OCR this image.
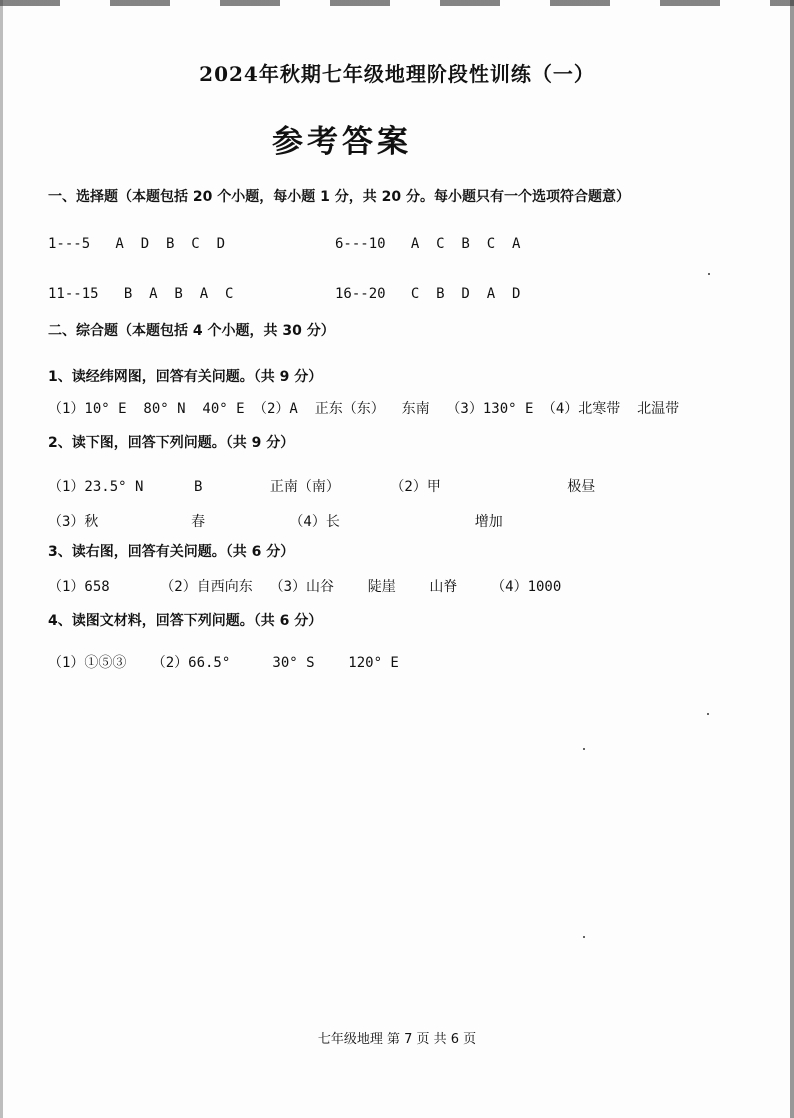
2024年秋期七年级地理阶段性训练（一）
参考答案
一、选择题（本题包括 20 个小题，每小题 1 分，共 20 分。每小题只有一个选项符合题意）
1---5   A  D  B  C  D	6---10   A  C  B  C  A
11--15   B  A  B  A  C	16--20   C  B  D  A  D
二、综合题（本题包括 4 个小题，共 30 分）
1、读经纬网图，回答有关问题。（共 9 分）
（1）10° E  80° N  40° E （2）A  正东（东）  东南  （3）130° E （4）北寒带  北温带
2、读下图，回答下列问题。（共 9 分）
（1）23.5° N      B        正南（南）      （2）甲               极昼
（3）秋           春          （4）长                增加
3、读右图，回答有关问题。（共 6 分）
（1）658      （2）自西向东  （3）山谷    陡崖    山脊    （4）1000
4、读图文材料，回答下列问题。（共 6 分）
（1）①⑤③   （2）66.5°     30° S    120° E
七年级地理 第 7 页 共 6 页
